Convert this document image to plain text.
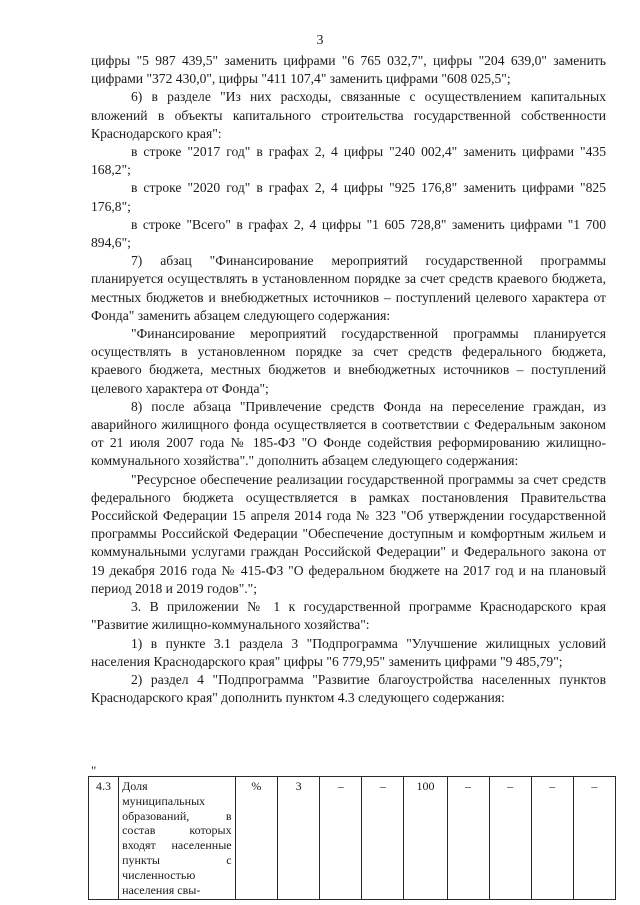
3

цифры "5 987 439,5" заменить цифрами "6 765 032,7", цифры "204 639,0" заменить цифрами "372 430,0", цифры "411 107,4" заменить цифрами "608 025,5";

6) в разделе "Из них расходы, связанные с осуществлением капитальных вложений в объекты капитального строительства государственной собственности Краснодарского края":

в строке "2017 год" в графах 2, 4 цифры "240 002,4" заменить цифрами "435 168,2";

в строке "2020 год" в графах 2, 4 цифры "925 176,8" заменить цифрами "825 176,8";

в строке "Всего" в графах 2, 4 цифры "1 605 728,8" заменить цифрами "1 700 894,6";

7) абзац "Финансирование мероприятий государственной программы планируется осуществлять в установленном порядке за счет средств краевого бюджета, местных бюджетов и внебюджетных источников – поступлений целевого характера от Фонда" заменить абзацем следующего содержания:

"Финансирование мероприятий государственной программы планируется осуществлять в установленном порядке за счет средств федерального бюджета, краевого бюджета, местных бюджетов и внебюджетных источников – поступлений целевого характера от Фонда";

8) после абзаца "Привлечение средств Фонда на переселение граждан, из аварийного жилищного фонда осуществляется в соответствии с Федеральным законом от 21 июля 2007 года № 185-ФЗ "О Фонде содействия реформированию жилищно-коммунального хозяйства"." дополнить абзацем следующего содержания:

"Ресурсное обеспечение реализации государственной программы за счет средств федерального бюджета осуществляется в рамках постановления Правительства Российской Федерации 15 апреля 2014 года № 323 "Об утверждении государственной программы Российской Федерации "Обеспечение доступным и комфортным жильем и коммунальными услугами граждан Российской Федерации" и Федерального закона от 19 декабря 2016 года № 415-ФЗ "О федеральном бюджете на 2017 год и на плановый период 2018 и 2019 годов".";

3. В приложении № 1 к государственной программе Краснодарского края "Развитие жилищно-коммунального хозяйства":

1) в пункте 3.1 раздела 3 "Подпрограмма "Улучшение жилищных условий населения Краснодарского края" цифры "6 779,95" заменить цифрами "9 485,79";

2) раздел 4 "Подпрограмма "Развитие благоустройства населенных пунктов Краснодарского края" дополнить пунктом 4.3 следующего содержания:

"
4.3	Доля муниципальных образований, в состав которых входят населенные пункты с численностью населения свы-	%	3	–	–	100	–	–	–	–
